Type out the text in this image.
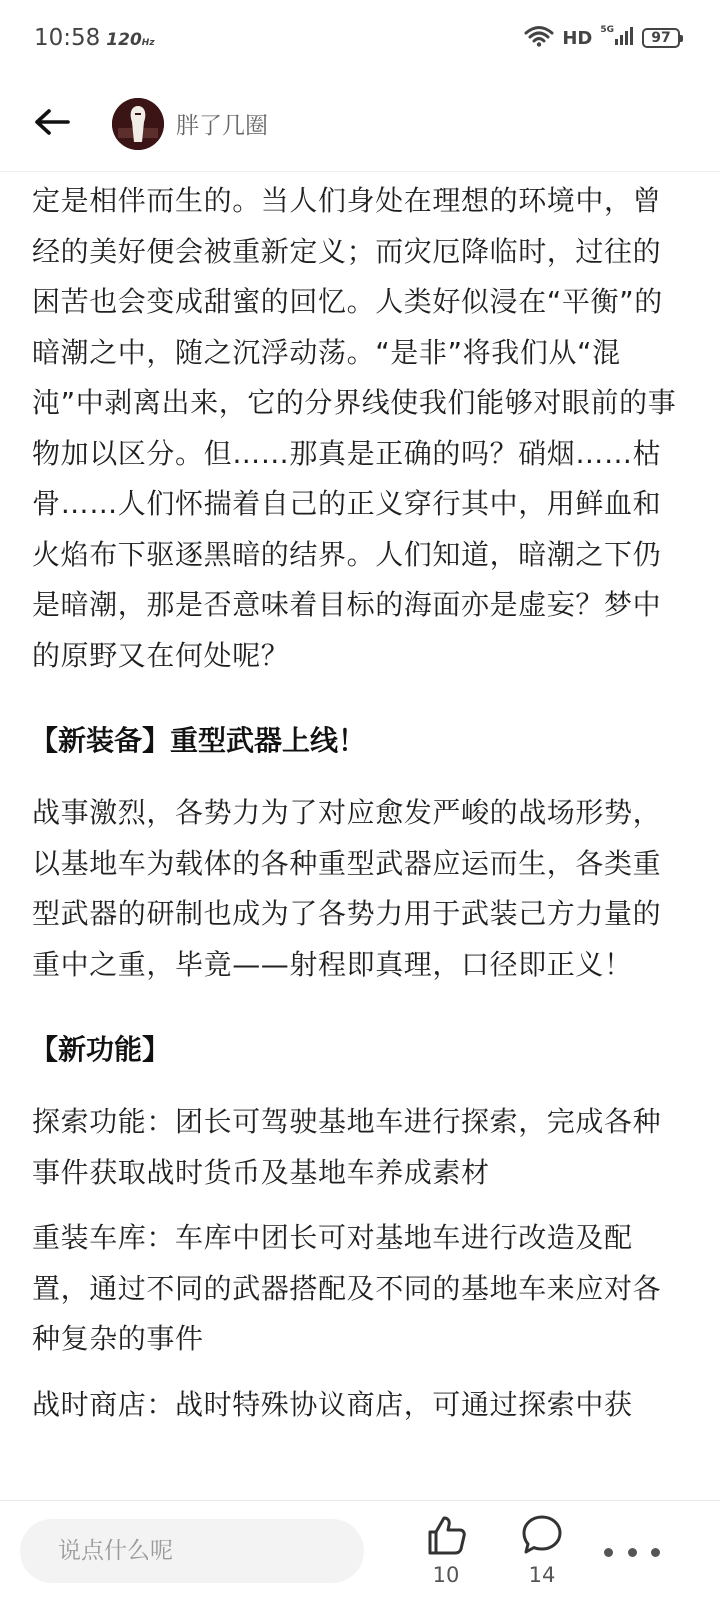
10:58 120Hz	HD 5G	97
胖了几圈

定是相伴而生的。当人们身处在理想的环境中，曾经的美好便会被重新定义；而灾厄降临时，过往的困苦也会变成甜蜜的回忆。人类好似浸在“平衡”的暗潮之中，随之沉浮动荡。“是非”将我们从“混沌”中剥离出来，它的分界线使我们能够对眼前的事物加以区分。但……那真是正确的吗？硝烟……枯骨……人们怀揣着自己的正义穿行其中，用鲜血和火焰布下驱逐黑暗的结界。人们知道，暗潮之下仍是暗潮，那是否意味着目标的海面亦是虚妄？梦中的原野又在何处呢？

【新装备】重型武器上线！

战事激烈，各势力为了对应愈发严峻的战场形势，以基地车为载体的各种重型武器应运而生，各类重型武器的研制也成为了各势力用于武装己方力量的重中之重，毕竟——射程即真理，口径即正义！

【新功能】

探索功能：团长可驾驶基地车进行探索，完成各种事件获取战时货币及基地车养成素材

重装车库：车库中团长可对基地车进行改造及配置，通过不同的武器搭配及不同的基地车来应对各种复杂的事件

战时商店：战时特殊协议商店，可通过探索中获

说点什么呢
10	14
